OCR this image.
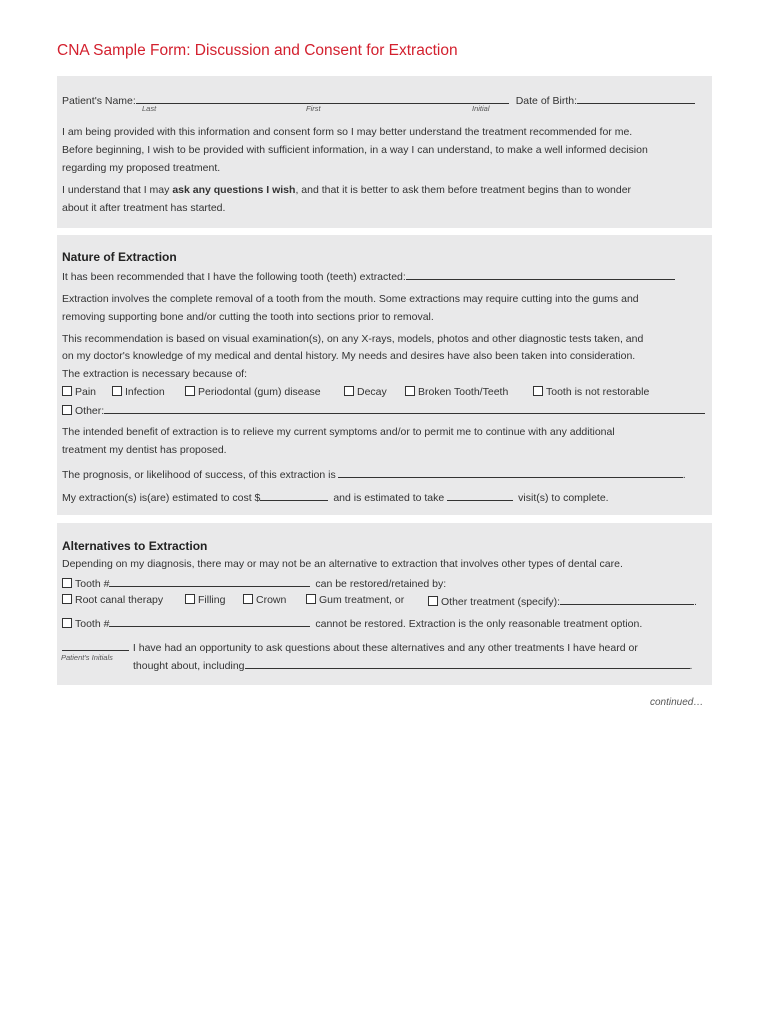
CNA Sample Form: Discussion and Consent for Extraction
Patient's Name:	Date of Birth:
Last	First	Initial
I am being provided with this information and consent form so I may better understand the treatment recommended for me.
Before beginning, I wish to be provided with sufficient information, in a way I can understand, to make a well informed decision
regarding my proposed treatment.
I understand that I may ask any questions I wish, and that it is better to ask them before treatment begins than to wonder
about it after treatment has started.
Nature of Extraction
It has been recommended that I have the following tooth (teeth) extracted:
Extraction involves the complete removal of a tooth from the mouth. Some extractions may require cutting into the gums and
removing supporting bone and/or cutting the tooth into sections prior to removal.
This recommendation is based on visual examination(s), on any X-rays, models, photos and other diagnostic tests taken, and
on my doctor's knowledge of my medical and dental history. My needs and desires have also been taken into consideration.
The extraction is necessary because of:
Pain	Infection	Periodontal (gum) disease	Decay	Broken Tooth/Teeth	Tooth is not restorable
Other:
The intended benefit of extraction is to relieve my current symptoms and/or to permit me to continue with any additional
treatment my dentist has proposed.
The prognosis, or likelihood of success, of this extraction is	.
My extraction(s) is(are) estimated to cost $	and is estimated to take	visit(s) to complete.
Alternatives to Extraction
Depending on my diagnosis, there may or may not be an alternative to extraction that involves other types of dental care.
Tooth #	can be restored/retained by:
Root canal therapy	Filling	Crown	Gum treatment, or	Other treatment (specify):	.
Tooth #	cannot be restored. Extraction is the only reasonable treatment option.
I have had an opportunity to ask questions about these alternatives and any other treatments I have heard or
Patient's Initials
thought about, including	.
continued…
